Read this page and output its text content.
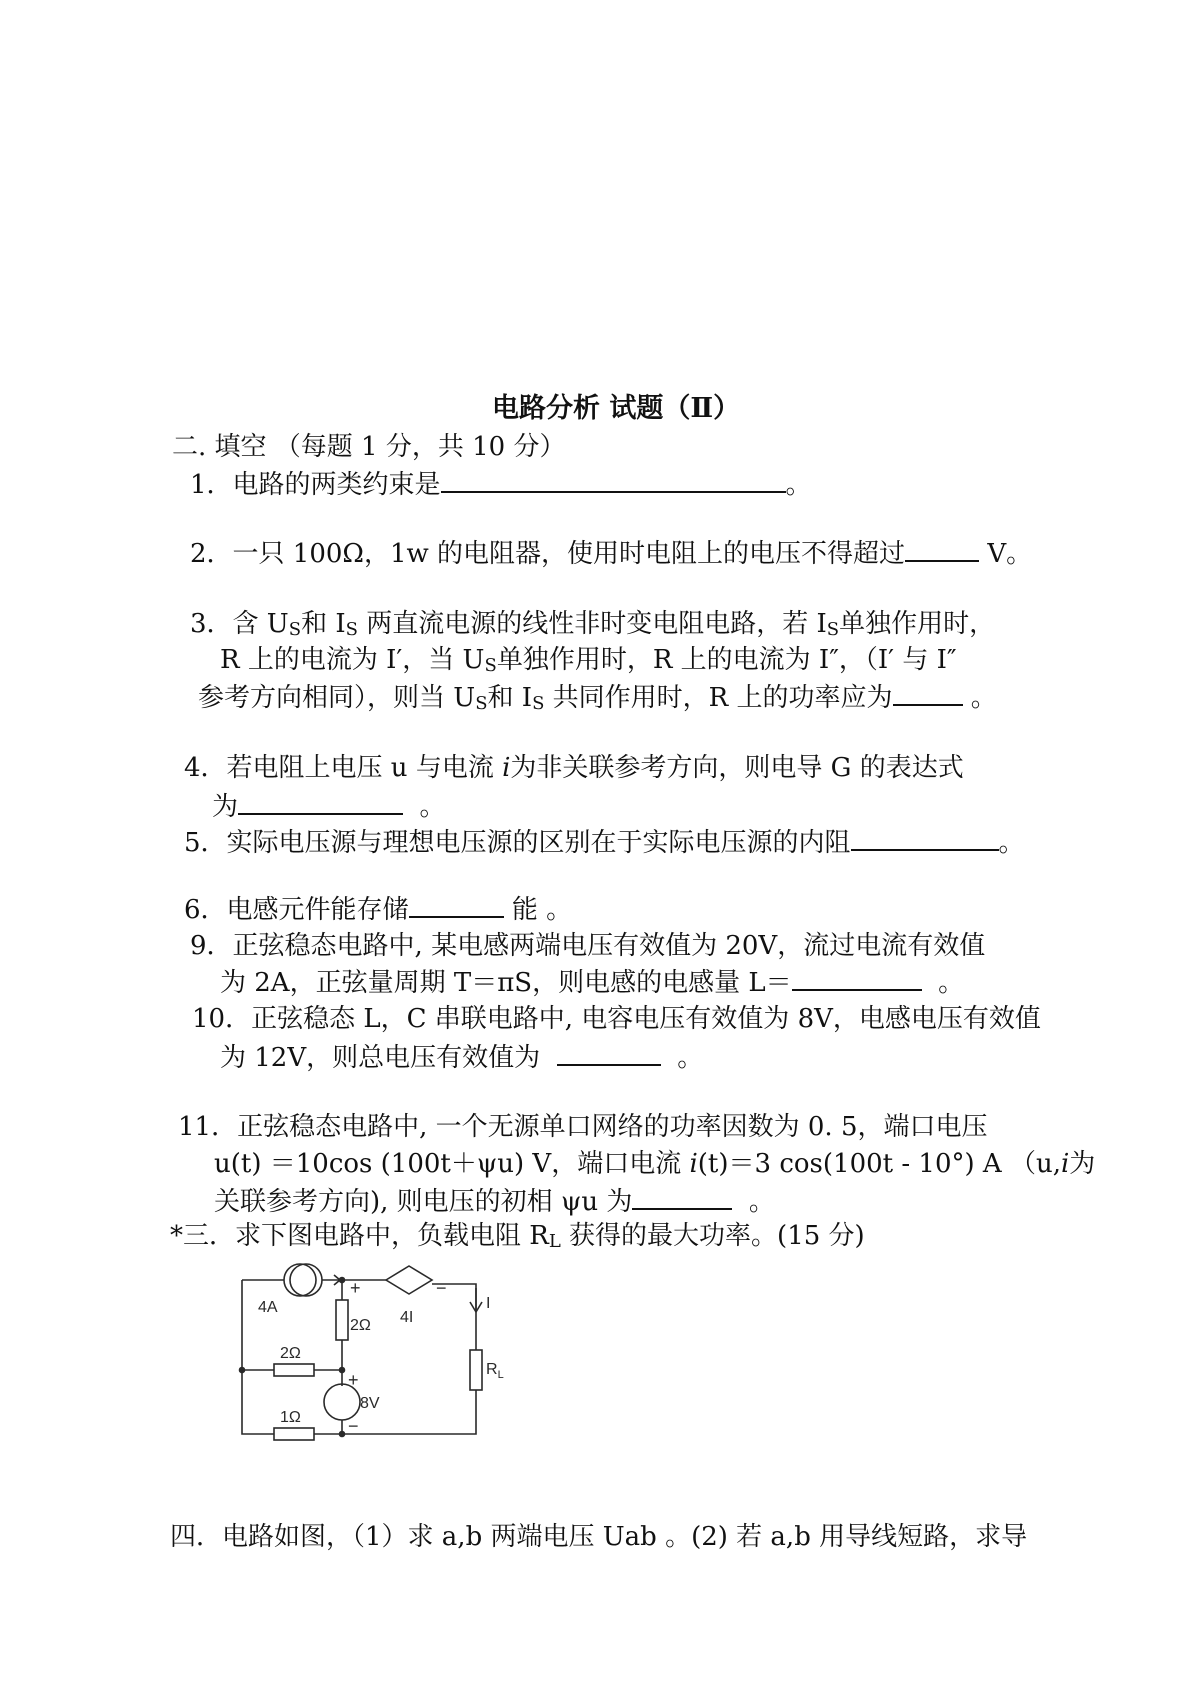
电路分析 试题（Ⅱ）
二. 填空 （每题 1 分，共 10 分）
1．电路的两类约束是	。
2．一只 100Ω，1w 的电阻器，使用时电阻上的电压不得超过	V。
3．含 US和 IS 两直流电源的线性非时变电阻电路，若 IS单独作用时，
R 上的电流为 I′，当 US单独作用时，R 上的电流为 I″，（I′ 与 I″
参考方向相同），则当 US和 IS 共同作用时，R 上的功率应为	。
4．若电阻上电压 u 与电流 i为非关联参考方向，则电导 G 的表达式
为	。
5．实际电压源与理想电压源的区别在于实际电压源的内阻	。
6．电感元件能存储	能 。
9．正弦稳态电路中, 某电感两端电压有效值为 20V，流过电流有效值
为 2A，正弦量周期 T＝πS，则电感的电感量 L＝	。
10．正弦稳态 L，C 串联电路中, 电容电压有效值为 8V，电感电压有效值
为 12V，则总电压有效值为	。
11．正弦稳态电路中, 一个无源单口网络的功率因数为 0. 5，端口电压
u(t) ＝10cos (100t＋ψu) V，端口电流 i(t)＝3 cos(100t - 10°) A （u,i为
关联参考方向), 则电压的初相 ψu 为	。
*三．求下图电路中，负载电阻 RL 获得的最大功率。(15 分)
4A
4I
I
2Ω
2Ω
1Ω
8V
$R_L$
+	−
+
−
四．电路如图，（1）求 a,b 两端电压 Uab 。(2) 若 a,b 用导线短路，求导
